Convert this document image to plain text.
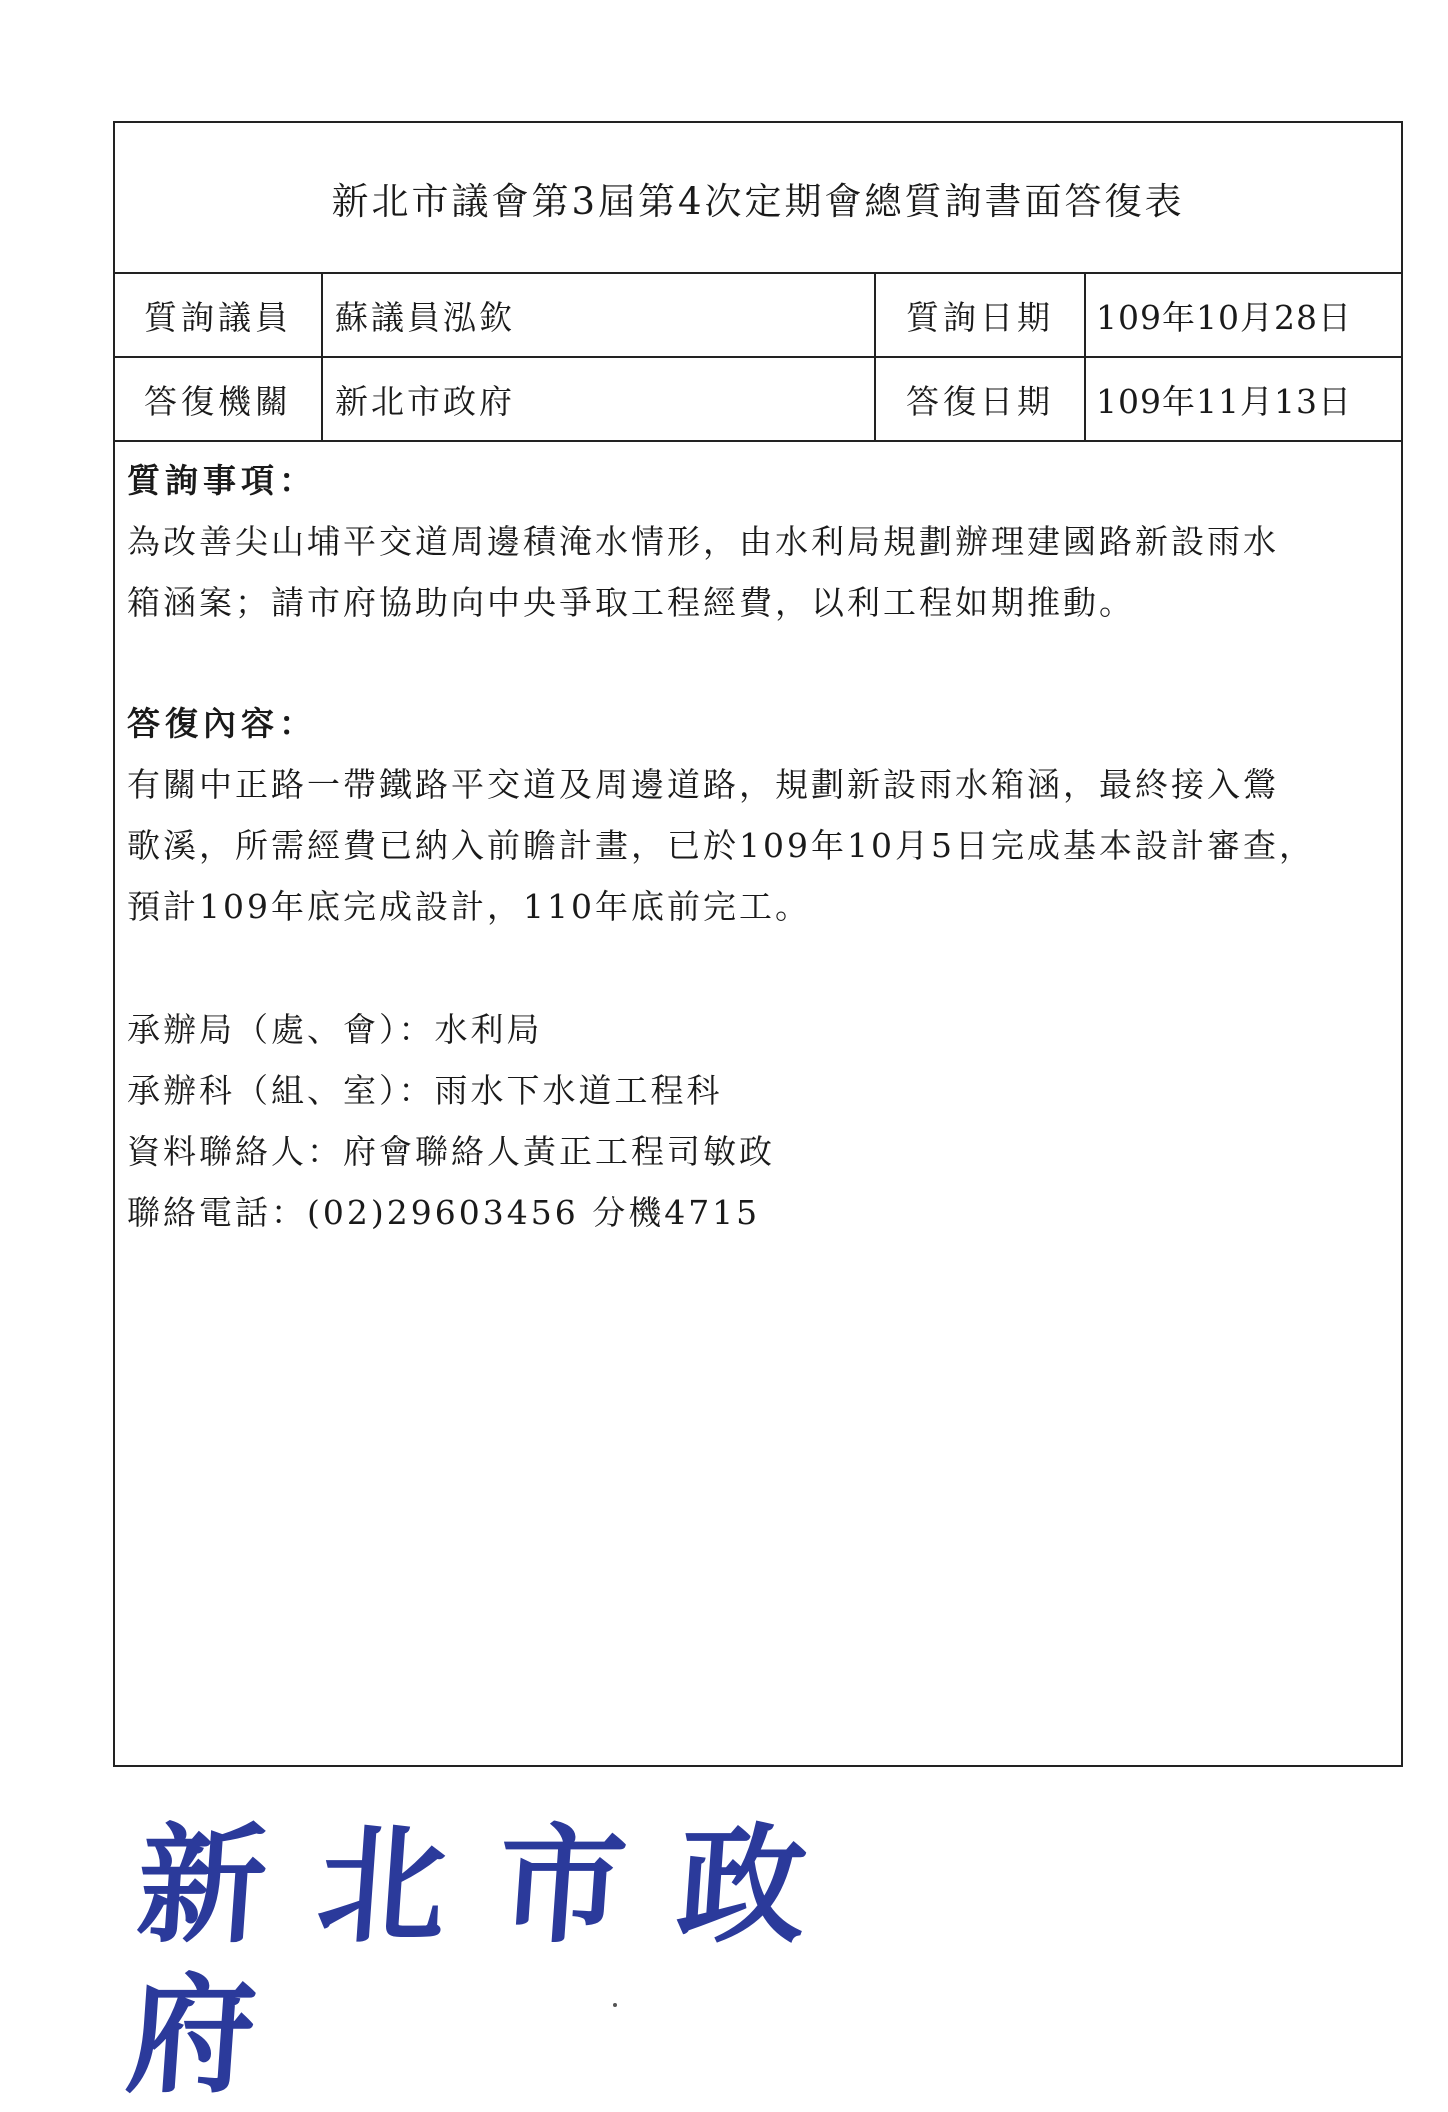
新北市議會第3屆第4次定期會總質詢書面答復表
質詢議員	蘇議員泓欽	質詢日期	109年10月28日
答復機關	新北市政府	答復日期	109年11月13日
質詢事項：
為改善尖山埔平交道周邊積淹水情形，由水利局規劃辦理建國路新設雨水
箱涵案；請市府協助向中央爭取工程經費，以利工程如期推動。
答復內容：
有關中正路一帶鐵路平交道及周邊道路，規劃新設雨水箱涵，最終接入鶯
歌溪，所需經費已納入前瞻計畫，已於109年10月5日完成基本設計審查，
預計109年底完成設計，110年底前完工。
承辦局（處、會）：水利局
承辦科（組、室）：雨水下水道工程科
資料聯絡人：府會聯絡人黃正工程司敏政
聯絡電話：(02)29603456 分機4715
新北市政府
